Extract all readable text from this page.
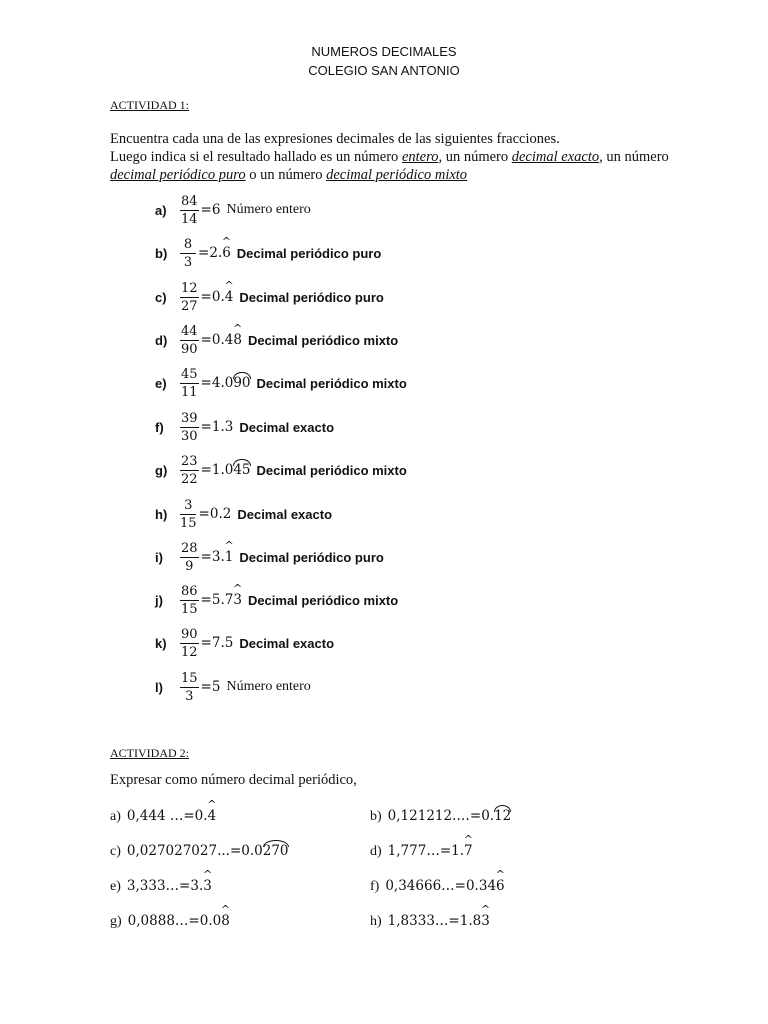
NUMEROS DECIMALES
COLEGIO SAN ANTONIO
ACTIVIDAD 1:
Encuentra cada una de las expresiones decimales de las siguientes fracciones.
Luego indica si el resultado hallado es un número entero, un número decimal exacto, un número decimal periódico puro o un número decimal periódico mixto
a)	$\frac{84}{14} = 6$ Número entero
$b) \frac{8}{3}$ = 2.^ 6 Decimal periódico puro
c)	$\frac{12}{27}$ = 0.^ 4 Decimal periódico puro
$d) \frac{44}{90}$ = 0.4^ 8 Decimal periódico mixto
e)	$\frac{45}{11} = 4.090$ Decimal periódico mixto
f)	$\frac{39}{30} = 1.3$ Decimal exacto
$g) \frac{23}{22} = 1.045$ Decimal periódico mixto
$h) \frac{3}{15} = 0.2$ Decimal exacto
i)	$\frac{28}{9}$ = 3.^ 1 Decimal periódico puro
j)	$\frac{86}{15}$ = 5.7^ 3 Decimal periódico mixto
k)	$\frac{90}{12} = 7.5$ Decimal exacto
l)	$\frac{15}{3} = 5$ Número entero
ACTIVIDAD 2:
Expresar como número decimal periódico,
a) 0,444 …=0.^ 4	b) 0,121212.…=0.12
c) 0,027027027...=0.0270	d) 1,777…=1.^ 7
e) 3,333…=3.^ 3	f) 0,34666…=0.34^ 6
g) 0,0888…=0.0^ 8	h) 1,8333…=1.8^ 3
